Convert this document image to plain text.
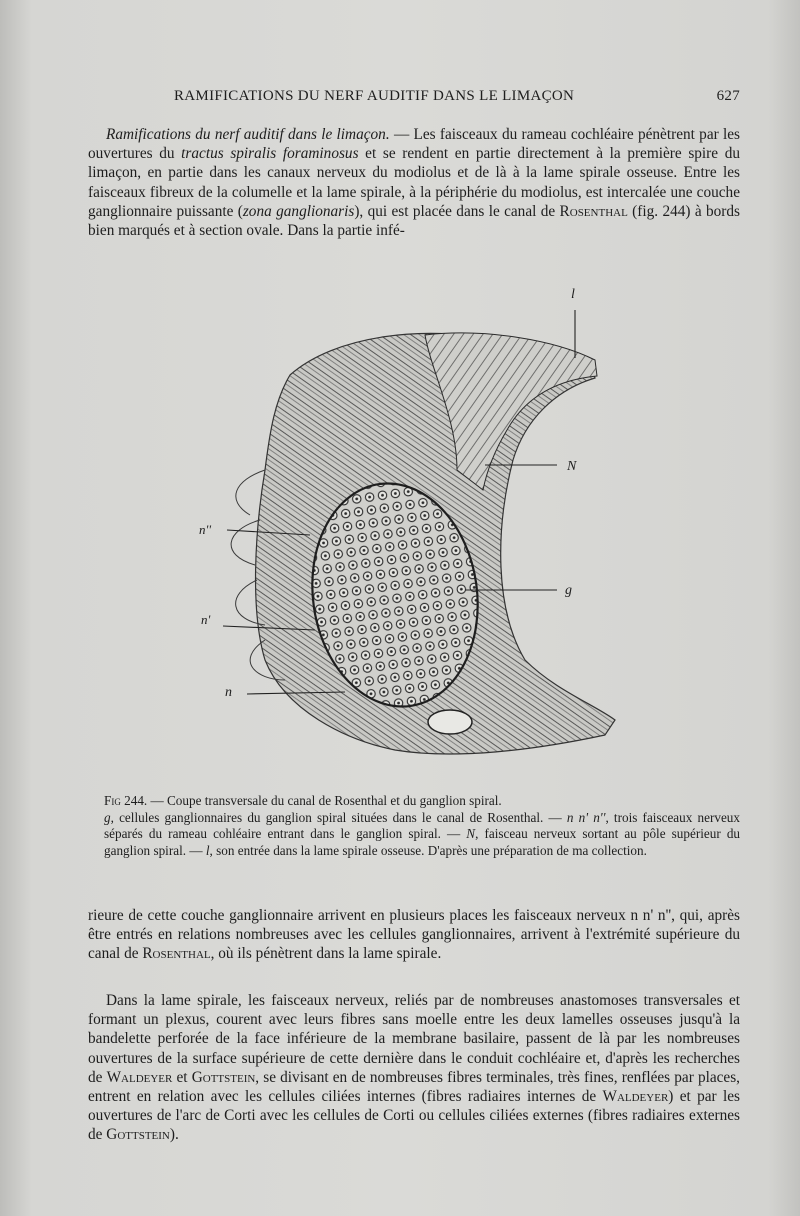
RAMIFICATIONS DU NERF AUDITIF DANS LE LIMAÇON	627
Ramifications du nerf auditif dans le limaçon. — Les faisceaux du rameau cochléaire pénètrent par les ouvertures du tractus spiralis foraminosus et se rendent en partie directement à la première spire du limaçon, en partie dans les canaux nerveux du modiolus et de là à la lame spirale osseuse. Entre les faisceaux fibreux de la columelle et la lame spirale, à la périphérie du modiolus, est intercalée une couche ganglionnaire puissante (zona ganglionaris), qui est placée dans le canal de Rosenthal (fig. 244) à bords bien marqués et à section ovale. Dans la partie infé-
l
N
n''
g
n'
n
Fig 244. — Coupe transversale du canal de Rosenthal et du ganglion spiral.
g, cellules ganglionnaires du ganglion spiral situées dans le canal de Rosenthal. — n n' n'', trois faisceaux nerveux séparés du rameau cohléaire entrant dans le ganglion spiral. — N, faisceau nerveux sortant au pôle supérieur du ganglion spiral. — l, son entrée dans la lame spirale osseuse. D'après une préparation de ma collection.
rieure de cette couche ganglionnaire arrivent en plusieurs places les faisceaux nerveux n n' n'', qui, après être entrés en relations nombreuses avec les cellules ganglionnaires, arrivent à l'extrémité supérieure du canal de Rosenthal, où ils pénètrent dans la lame spirale.
Dans la lame spirale, les faisceaux nerveux, reliés par de nombreuses anastomoses transversales et formant un plexus, courent avec leurs fibres sans moelle entre les deux lamelles osseuses jusqu'à la bandelette perforée de la face inférieure de la membrane basilaire, passent de là par les nombreuses ouvertures de la surface supérieure de cette dernière dans le conduit cochléaire et, d'après les recherches de Waldeyer et Gottstein, se divisant en de nombreuses fibres terminales, très fines, renflées par places, entrent en relation avec les cellules ciliées internes (fibres radiaires internes de Waldeyer) et par les ouvertures de l'arc de Corti avec les cellules de Corti ou cellules ciliées externes (fibres radiaires externes de Gottstein).
